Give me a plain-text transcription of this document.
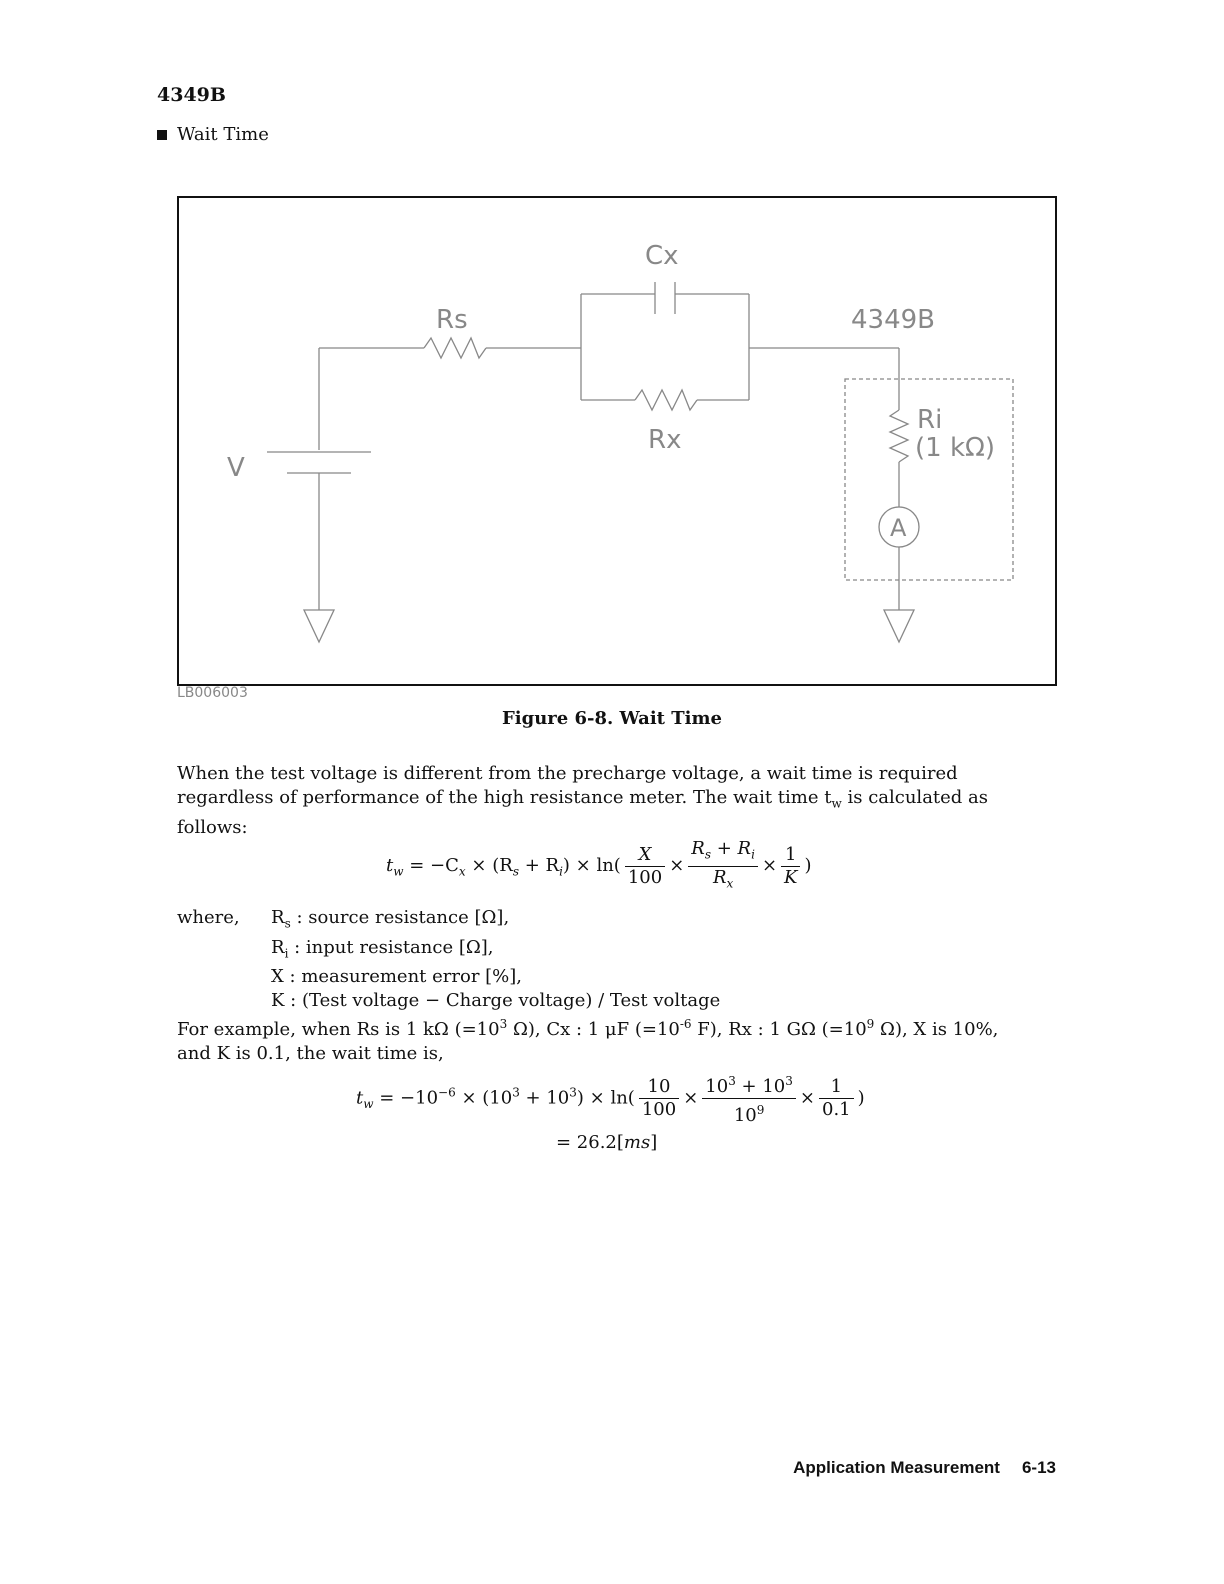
4349B
Wait Time
Cx
Rs	4349B
Rx
Ri
(1 kΩ)
V
A
LB006003
Figure 6-8. Wait Time
When the test voltage is different from the precharge voltage, a wait time is required
regardless of performance of the high resistance meter. The wait time $t_w$ is calculated as
follows:
$t_w = -C_x \times (R_s + R_i) \times \ln( \frac{X}{100} \times \frac{R_s + R_i}{R_x} \times \frac{1}{K}$ )
where, $R_s$ : source resistance [Ω],
$R_i$ : input resistance [Ω],
X : measurement error [%],
K : (Test voltage − Charge voltage) / Test voltage
For example, when Rs is 1 kΩ ($=10^3$ Ω), Cx : 1 μF ($=10^{-6}$ F), Rx : 1 GΩ ($=10^9$ Ω), X is 10%,
and K is 0.1, the wait time is,
$t_w = -10^{-6} \times (10^3 + 10^3) \times \ln( \frac{10}{100} \times \frac{10^3 + 10^3}{10^9} \times \frac{1}{0.1}$ )
= 26.2[ms]
Application Measurement 6-13
